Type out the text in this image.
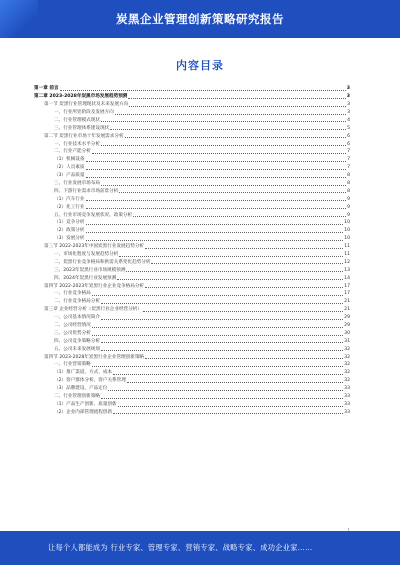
炭黑企业管理创新策略研究报告
内容目录
第一章 前言	3
第二章 2023-2028年炭黑市场发展趋势预测	3
第一节 炭黑行业管理现状及未来发展方向	3
一、行业所处阶段及发展方向	3
二、行业管理模式现状	4
三、行业管理体系建设现状	5
第二节 炭黑行业市场十年发展需求分析	6
一、行业技术水平分析	6
二、行业产能分析	7
（1）机械设备	7
（2）人员素质	7
（3）产品质量	8
三、行业发展市场布局	8
四、下游行业需求市场前景分析	8
（1）汽车行业	9
（2）化工行业	9
五、行业市场竞争发展状况、政策分析	9
（1）竞争分析	10
（2）政策分析	10
（3）发展分析	10
第三节 2022-2023年中国炭黑行业发展趋势分析	11
一、市场化程度与发展趋势分析	11
二、炭黑行业竞争格局和供需关系变化趋势分析	12
三、2023年炭黑行业市场规模预测	13
四、2024年炭黑行业发展预测	14
第四节 2022-2023年炭黑行业企业竞争格局分析	17
一、行业竞争格局	17
二、行业竞争格局分析	21
第三章 企业经营分析（炭黑行业企业经营分析）	21
一、公司基本情况简介	29
二、公司经营情况	29
三、公司优势分析	30
四、公司竞争策略分析	31
五、公司未来发展规划	32
第四节 2023-2028年炭黑行业企业管理创新策略	32
一、行业营销策略	32
（1）推广渠道、方式、成本	32
（2）客户群体分析、客户关系管理	32
（3）品牌建设、产品定位	33
二、行业管理创新策略	33
（1）产品生产创新、质量创新	33
（2）企业内部管理流程创新	33
让每个人都能成为 行业专家、管理专家、营销专家、战略专家、成功企业家……
